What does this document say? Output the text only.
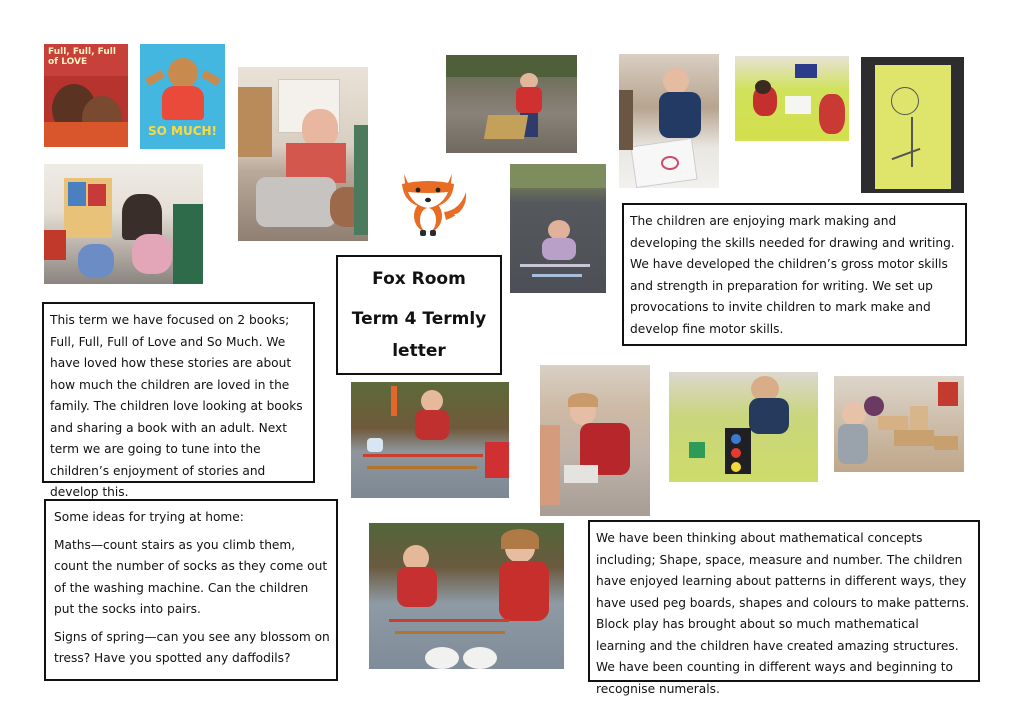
Full, Full, Full of LOVE
SO MUCH!
Fox Room
Term 4 Termly
letter

The children are enjoying mark making and developing the skills needed for drawing and writing. We have developed the children’s gross motor skills and strength in preparation for writing. We set up provocations to invite children to mark make and develop fine motor skills.

This term we have focused on 2 books; Full, Full, Full of Love and So Much. We have loved how these stories are about how much the children are loved in the family. The children love looking at books and sharing a book with an adult. Next term we are going to tune into the children’s enjoyment of stories and develop this.

Some ideas for trying at home:

Maths—count stairs as you climb them, count the number of socks as they come out of the washing machine. Can the children put the socks into pairs.

Signs of spring—can you see any blossom on tress? Have you spotted any daffodils?

We have been thinking about mathematical concepts including; Shape, space, measure and number. The children have enjoyed learning about patterns in different ways, they have used peg boards, shapes and colours to make patterns. Block play has brought about so much mathematical learning and the children have created amazing structures. We have been counting in different ways and beginning to recognise numerals.
